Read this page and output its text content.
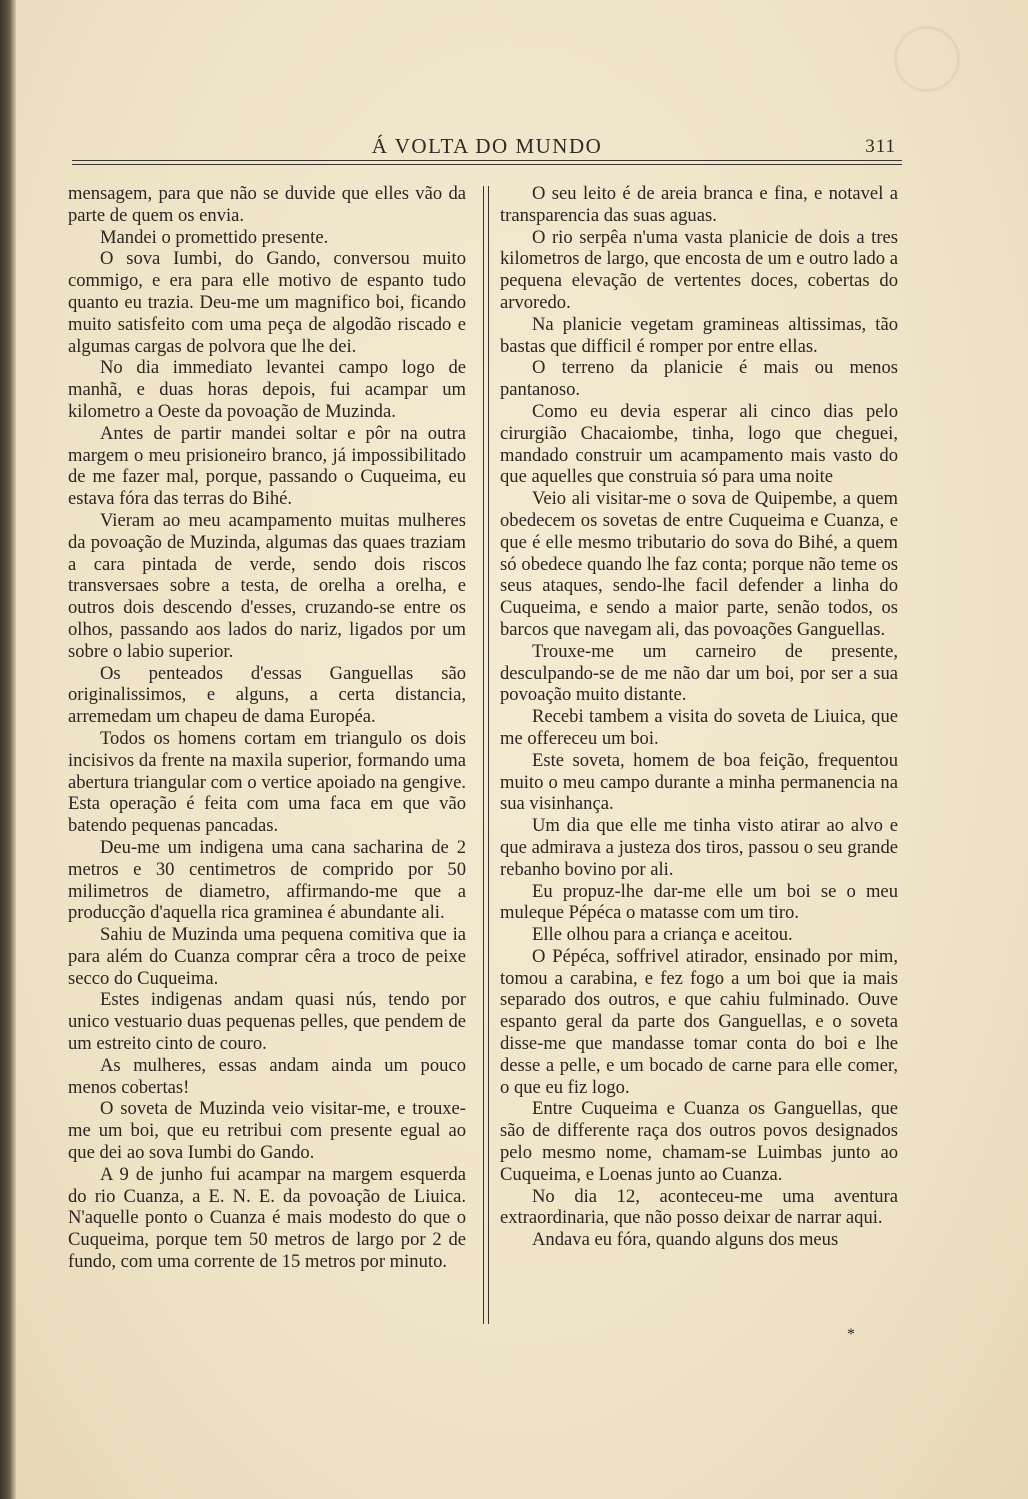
Á VOLTA DO MUNDO	311

mensagem, para que não se duvide que elles vão da parte de quem os envia.

Mandei o promettido presente.

O sova Iumbi, do Gando, conversou muito commigo, e era para elle motivo de espanto tudo quanto eu trazia. Deu-me um magnifico boi, ficando muito satisfeito com uma peça de algodão riscado e algumas cargas de polvora que lhe dei.

No dia immediato levantei campo logo de manhã, e duas horas depois, fui acampar um kilometro a Oeste da povoação de Muzinda.

Antes de partir mandei soltar e pôr na outra margem o meu prisioneiro branco, já impossibilitado de me fazer mal, porque, passando o Cuqueima, eu estava fóra das terras do Bihé.

Vieram ao meu acampamento muitas mulheres da povoação de Muzinda, algumas das quaes traziam a cara pintada de verde, sendo dois riscos transversaes sobre a testa, de orelha a orelha, e outros dois descendo d'esses, cruzando-se entre os olhos, passando aos lados do nariz, ligados por um sobre o labio superior.

Os penteados d'essas Ganguellas são originalissimos, e alguns, a certa distancia, arremedam um chapeu de dama Européa.

Todos os homens cortam em triangulo os dois incisivos da frente na maxila superior, formando uma abertura triangular com o vertice apoiado na gengive. Esta operação é feita com uma faca em que vão batendo pequenas pancadas.

Deu-me um indigena uma cana sacharina de 2 metros e 30 centimetros de comprido por 50 milimetros de diametro, affirmando-me que a producção d'aquella rica graminea é abundante ali.

Sahiu de Muzinda uma pequena comitiva que ia para além do Cuanza comprar cêra a troco de peixe secco do Cuqueima.

Estes indigenas andam quasi nús, tendo por unico vestuario duas pequenas pelles, que pendem de um estreito cinto de couro.

As mulheres, essas andam ainda um pouco menos cobertas!

O soveta de Muzinda veio visitar-me, e trouxe-me um boi, que eu retribui com presente egual ao que dei ao sova Iumbi do Gando.

A 9 de junho fui acampar na margem esquerda do rio Cuanza, a E. N. E. da povoação de Liuica. N'aquelle ponto o Cuanza é mais modesto do que o Cuqueima, porque tem 50 metros de largo por 2 de fundo, com uma corrente de 15 metros por minuto.

O seu leito é de areia branca e fina, e notavel a transparencia das suas aguas.

O rio serpêa n'uma vasta planicie de dois a tres kilometros de largo, que encosta de um e outro lado a pequena elevação de vertentes doces, cobertas do arvoredo.

Na planicie vegetam gramineas altissimas, tão bastas que difficil é romper por entre ellas.

O terreno da planicie é mais ou menos pantanoso.

Como eu devia esperar ali cinco dias pelo cirurgião Chacaiombe, tinha, logo que cheguei, mandado construir um acampamento mais vasto do que aquelles que construia só para uma noite

Veio ali visitar-me o sova de Quipembe, a quem obedecem os sovetas de entre Cuqueima e Cuanza, e que é elle mesmo tributario do sova do Bihé, a quem só obedece quando lhe faz conta; porque não teme os seus ataques, sendo-lhe facil defender a linha do Cuqueima, e sendo a maior parte, senão todos, os barcos que navegam ali, das povoações Ganguellas.

Trouxe-me um carneiro de presente, desculpando-se de me não dar um boi, por ser a sua povoação muito distante.

Recebi tambem a visita do soveta de Liuica, que me offereceu um boi.

Este soveta, homem de boa feição, frequentou muito o meu campo durante a minha permanencia na sua visinhança.

Um dia que elle me tinha visto atirar ao alvo e que admirava a justeza dos tiros, passou o seu grande rebanho bovino por ali.

Eu propuz-lhe dar-me elle um boi se o meu muleque Pépéca o matasse com um tiro.

Elle olhou para a criança e aceitou.

O Pépéca, soffrivel atirador, ensinado por mim, tomou a carabina, e fez fogo a um boi que ia mais separado dos outros, e que cahiu fulminado. Ouve espanto geral da parte dos Ganguellas, e o soveta disse-me que mandasse tomar conta do boi e lhe desse a pelle, e um bocado de carne para elle comer, o que eu fiz logo.

Entre Cuqueima e Cuanza os Ganguellas, que são de differente raça dos outros povos designados pelo mesmo nome, chamam-se Luimbas junto ao Cuqueima, e Loenas junto ao Cuanza.

No dia 12, aconteceu-me uma aventura extraordinaria, que não posso deixar de narrar aqui.

Andava eu fóra, quando alguns dos meus

*
